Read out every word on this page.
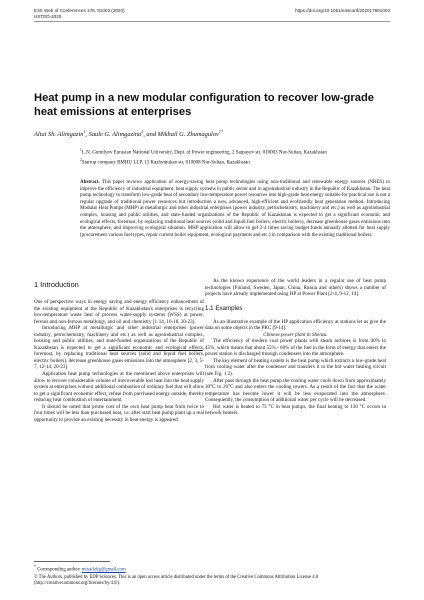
E3S Web of Conferences 178, 01003 (2020)
HSTED-2020
https://doi.org/10.1051/e3sconf/202017801003
Heat pump in a new modular configuration to recover low-grade heat emissions at enterprises
Altai Sh. Alimgazin$^1$, Saule G. Alimgazina$^2$, and Mikhail G. Zhumagulov$^{1*}$
$^1$L.N. Gumilyov Eurasian National University, Dept. of Power engineering, 2 Satpayev str, 010003 Nur-Sultan, Kazakhstan
$^2$Startup company BMHU LLP, 13 Kazhymukan str, 010008 Nur-Sultan, Kazakhstan
Abstract. This paper reviews application of energy-saving heat pump technologies using non-traditional and renewable energy sources (NRES) to improve the efficiency of industrial equipment, heat supply systems in public sector and in agroindustrial industry in the Republic of Kazakhstan. The heat pump technology to transform low-grade heat of secondary low-temperature power resources into high-grade heat energy suitable for practical use is not a regular upgrade of traditional power resources but introduction a new, advanced, high-efficient and ecofriendly heat generation method. Introducing Modular Heat Pumps (MHP) at metallurgic and other industrial enterprises (power industry, petrochemistry, machinery and etc.) as well as agroindustrial complex, housing and public utilities, and state-funded organizations of the Republic of Kazakhstan is expected to get a significant economic and ecological effects, foremost, by replacing traditional heat sources (solid and liquid fuel boilers, electric boilers), decrease greenhouse gases emissions into the atmosphere, and improving ecological situation. MHP application will allow to get 2-4 times saving budget funds annually allotted for heat supply (procurement various fuel types, repair current boiler equipment, ecological payments and etc.) in comparison with the existing traditional boilers.
1 Introduction

One of perspective ways in energy saving and energy efficiency enhancement of the existing equipment at the Republic of Kazakhstan's enterprises is recycling low-temperature waste heat of process water-supply systems (WSS) at power, ferrous and non-ferrous metallurgy, and oil and chemistry [1-14, 16-18, 20-23].

Introducing MHP at metallurgic and other industrial enterprises (power industry, petrochemistry, machinery and etc.) as well as agroindustrial complex, housing and public utilities, and state-funded organizations of the Republic of Kazakhstan is expected to get a significant economic and ecological effects, foremost, by replacing traditional heat sources (solid and liquid fuel boilers, electric boilers), decrease greenhouse gases emissions into the atmosphere [2, 3, 5-7, 12-14, 20-23].

Application heat pump technologies at the mentioned above enterprises will allow to recover considerable volume of irrecoverable lost heat into the heat supply system at enterprises without additional combustion of ordinary fuel that will allow to get a significant economic effect, refuse from purchased energy outside, thereby reducing heat combustion of entertainment.

It should be noted that prime cost of the own heat pump heat from twice to four times will be less than purchased heat, i.e. after start heat pump plant up a real opportunity to provide an existing necessity in heat energy is appeared.

As the known experience of the world leaders in a regular use of heat pump technologies (Finland, Sweden, Japan, China, Russia and others) shows a number of projects have already implemented using HP at Power Plant [2-4, 9-12, 14].

1.1 Examples

As an illustrative example of the HP application efficiency at stations let us give the data on some objects in the PRC [9-14].

Chinese power plant in Shenzu.

The efficiency of modern coal power plants with steam turbines is from 40% to 45%, which means that about 55% - 60% of the fuel in the form of energy that enters the power station is discharged through condensers into the atmosphere.

The key element of heating system is the heat pump which extracts a low-grade heat from cooling water after the condenser and transfers it to the hot water heating circuit (see Fig. 1.2).

After pass through the heat pump the cooling water cools down from approximately 30°C to 26°C and also enters the cooling towers. As a result of the fact that the water temperature has become lower it will be less evaporated into the atmosphere. Consequently, the consumption of additional water per cycle will be decreased.

Hot water is heated to 75 °C in heat pumps, the final heating to 130 °C occurs in network heaters.

* Corresponding author: mixailzhg@gmail.com
© The Authors, published by EDP Sciences. This is an open access article distributed under the terms of the Creative Commons Attribution License 4.0 (http://creativecommons.org/licenses/by/4.0/).
